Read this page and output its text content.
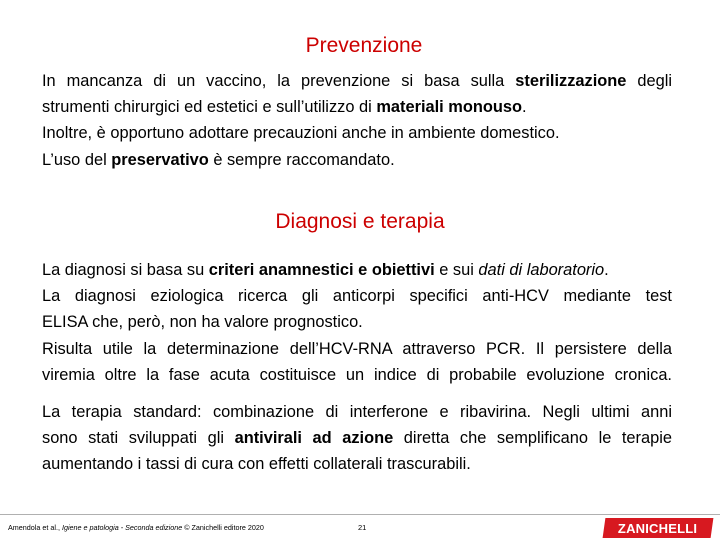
Prevenzione
In mancanza di un vaccino, la prevenzione si basa sulla sterilizzazione degli
strumenti chirurgici ed estetici e sull’utilizzo di materiali monouso.
Inoltre, è opportuno adottare precauzioni anche in ambiente domestico.
L’uso del preservativo è sempre raccomandato.
Diagnosi e terapia
La diagnosi si basa su criteri anamnestici e obiettivi e sui dati di laboratorio.
La diagnosi eziologica ricerca gli anticorpi specifici anti-HCV mediante test
ELISA che, però, non ha valore prognostico.
Risulta utile la determinazione dell’HCV-RNA attraverso PCR. Il persistere della
viremia oltre la fase acuta costituisce un indice di probabile evoluzione cronica.
La terapia standard: combinazione di interferone e ribavirina. Negli ultimi anni
sono stati sviluppati gli antivirali ad azione diretta che semplificano le terapie
aumentando i tassi di cura con effetti collaterali trascurabili.
Amendola et al., Igiene e patologia - Seconda edizione © Zanichelli editore 2020	21	ZANICHELLI
